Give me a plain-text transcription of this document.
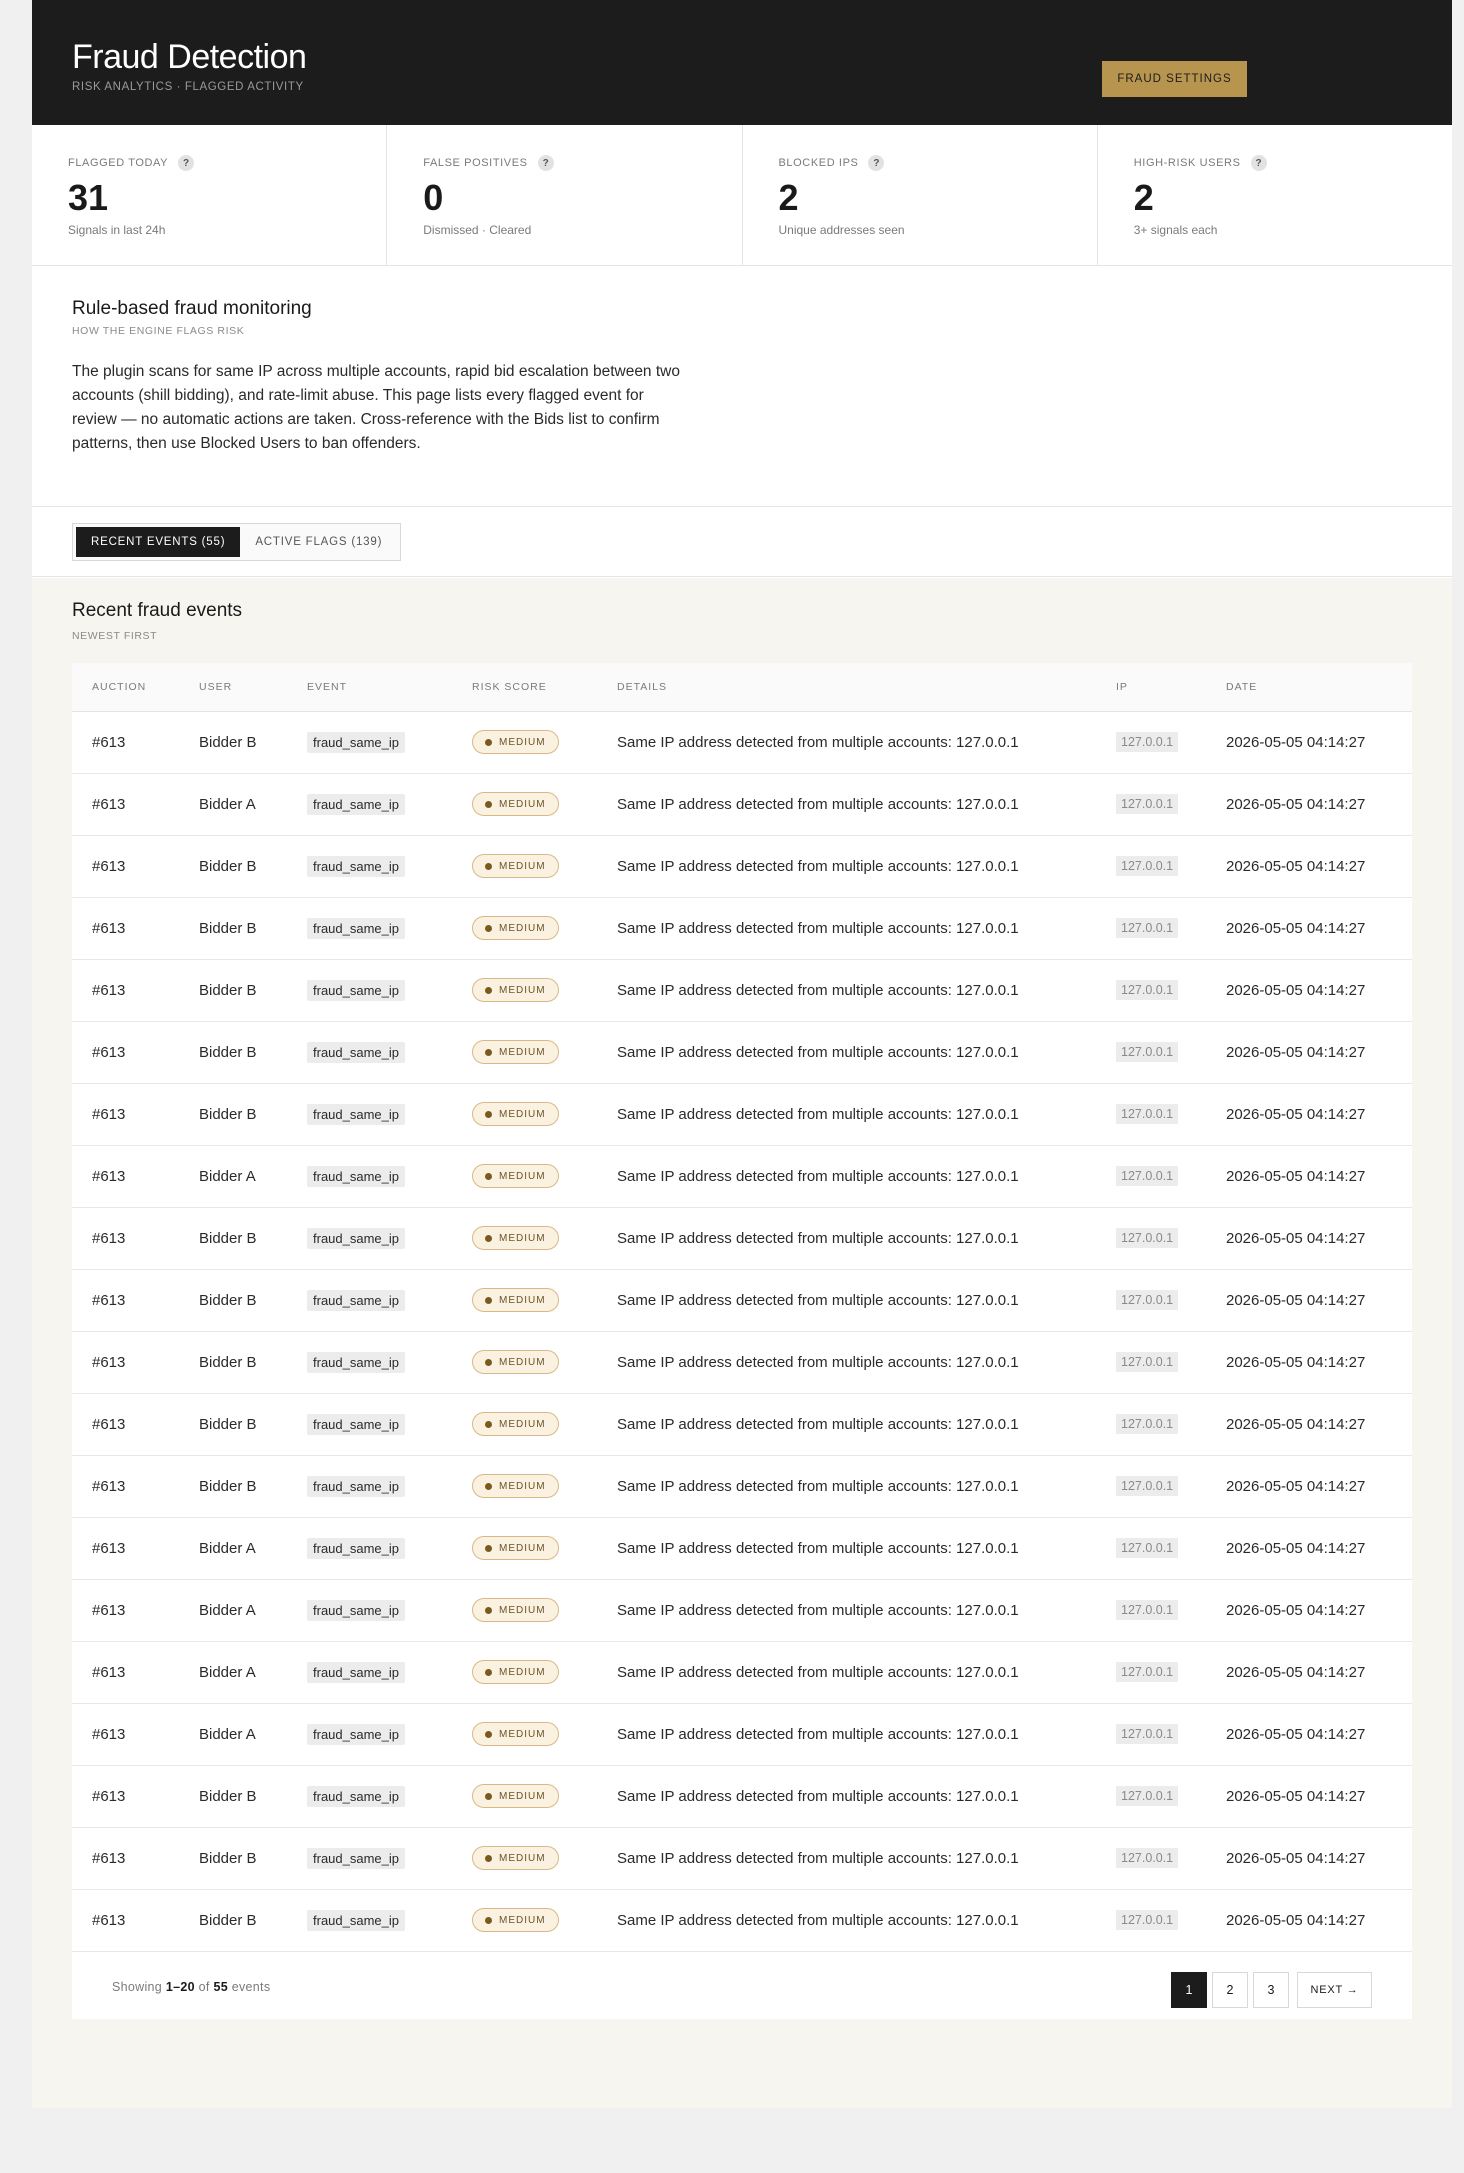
Fraud Detection
RISK ANALYTICS · FLAGGED ACTIVITY
FRAUD SETTINGS
FLAGGED TODAY	?
31
Signals in last 24h
FALSE POSITIVES	?
0
Dismissed · Cleared
BLOCKED IPS	?
2
Unique addresses seen
HIGH-RISK USERS	?
2
3+ signals each
Rule-based fraud monitoring
HOW THE ENGINE FLAGS RISK

The plugin scans for same IP across multiple accounts, rapid bid escalation between two accounts (shill bidding), and rate-limit abuse. This page lists every flagged event for review — no automatic actions are taken. Cross-reference with the Bids list to confirm patterns, then use Blocked Users to ban offenders.

RECENT EVENTS (55)	ACTIVE FLAGS (139)
Recent fraud events
NEWEST FIRST
AUCTION	USER	EVENT	RISK SCORE	DETAILS	IP	DATE
#613	Bidder B	fraud_same_ip	MEDIUM	Same IP address detected from multiple accounts: 127.0.0.1	127.0.0.1	2026-05-05 04:14:27
#613	Bidder A	fraud_same_ip	MEDIUM	Same IP address detected from multiple accounts: 127.0.0.1	127.0.0.1	2026-05-05 04:14:27
#613	Bidder B	fraud_same_ip	MEDIUM	Same IP address detected from multiple accounts: 127.0.0.1	127.0.0.1	2026-05-05 04:14:27
#613	Bidder B	fraud_same_ip	MEDIUM	Same IP address detected from multiple accounts: 127.0.0.1	127.0.0.1	2026-05-05 04:14:27
#613	Bidder B	fraud_same_ip	MEDIUM	Same IP address detected from multiple accounts: 127.0.0.1	127.0.0.1	2026-05-05 04:14:27
#613	Bidder B	fraud_same_ip	MEDIUM	Same IP address detected from multiple accounts: 127.0.0.1	127.0.0.1	2026-05-05 04:14:27
#613	Bidder B	fraud_same_ip	MEDIUM	Same IP address detected from multiple accounts: 127.0.0.1	127.0.0.1	2026-05-05 04:14:27
#613	Bidder A	fraud_same_ip	MEDIUM	Same IP address detected from multiple accounts: 127.0.0.1	127.0.0.1	2026-05-05 04:14:27
#613	Bidder B	fraud_same_ip	MEDIUM	Same IP address detected from multiple accounts: 127.0.0.1	127.0.0.1	2026-05-05 04:14:27
#613	Bidder B	fraud_same_ip	MEDIUM	Same IP address detected from multiple accounts: 127.0.0.1	127.0.0.1	2026-05-05 04:14:27
#613	Bidder B	fraud_same_ip	MEDIUM	Same IP address detected from multiple accounts: 127.0.0.1	127.0.0.1	2026-05-05 04:14:27
#613	Bidder B	fraud_same_ip	MEDIUM	Same IP address detected from multiple accounts: 127.0.0.1	127.0.0.1	2026-05-05 04:14:27
#613	Bidder B	fraud_same_ip	MEDIUM	Same IP address detected from multiple accounts: 127.0.0.1	127.0.0.1	2026-05-05 04:14:27
#613	Bidder A	fraud_same_ip	MEDIUM	Same IP address detected from multiple accounts: 127.0.0.1	127.0.0.1	2026-05-05 04:14:27
#613	Bidder A	fraud_same_ip	MEDIUM	Same IP address detected from multiple accounts: 127.0.0.1	127.0.0.1	2026-05-05 04:14:27
#613	Bidder A	fraud_same_ip	MEDIUM	Same IP address detected from multiple accounts: 127.0.0.1	127.0.0.1	2026-05-05 04:14:27
#613	Bidder A	fraud_same_ip	MEDIUM	Same IP address detected from multiple accounts: 127.0.0.1	127.0.0.1	2026-05-05 04:14:27
#613	Bidder B	fraud_same_ip	MEDIUM	Same IP address detected from multiple accounts: 127.0.0.1	127.0.0.1	2026-05-05 04:14:27
#613	Bidder B	fraud_same_ip	MEDIUM	Same IP address detected from multiple accounts: 127.0.0.1	127.0.0.1	2026-05-05 04:14:27
#613	Bidder B	fraud_same_ip	MEDIUM	Same IP address detected from multiple accounts: 127.0.0.1	127.0.0.1	2026-05-05 04:14:27
Showing 1–20 of 55 events	1	2	3	NEXT →
